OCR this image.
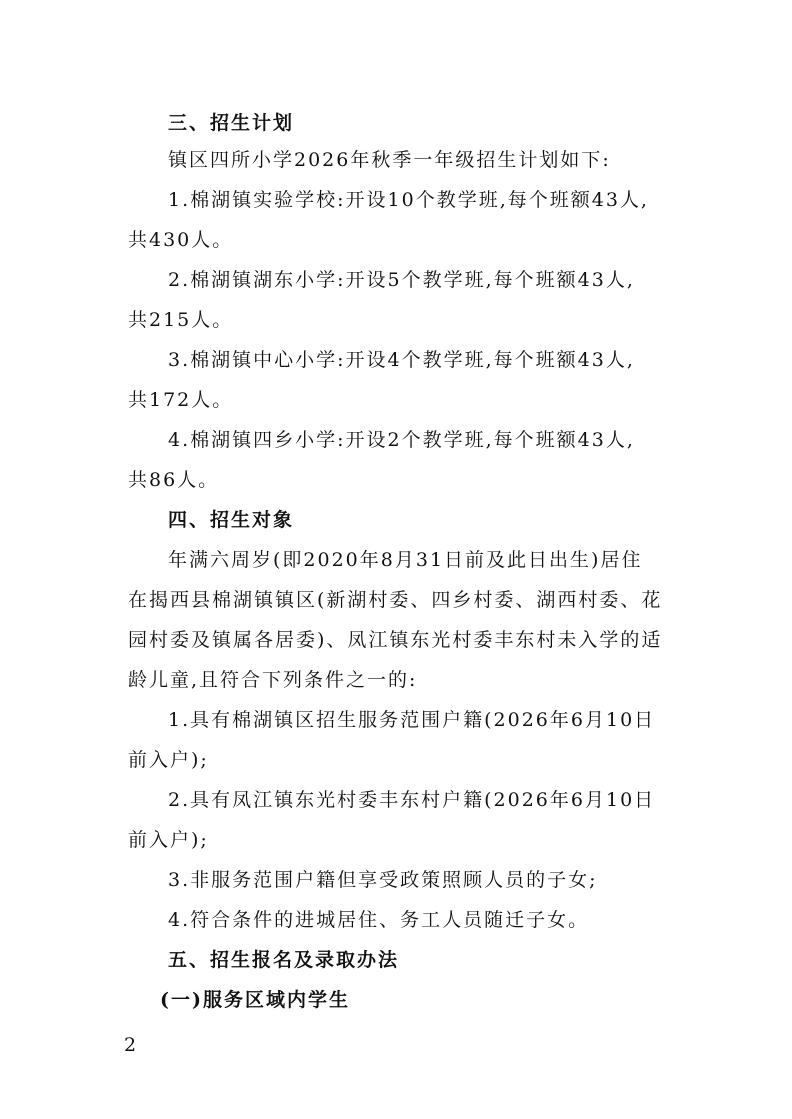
三、招生计划
镇区四所小学2026年秋季一年级招生计划如下:
1.棉湖镇实验学校:开设10个教学班,每个班额43人,
共430人。
2.棉湖镇湖东小学:开设5个教学班,每个班额43人,
共215人。
3.棉湖镇中心小学:开设4个教学班,每个班额43人,
共172人。
4.棉湖镇四乡小学:开设2个教学班,每个班额43人,
共86人。
四、招生对象
年满六周岁(即2020年8月31日前及此日出生)居住
在揭西县棉湖镇镇区(新湖村委、四乡村委、湖西村委、花
园村委及镇属各居委)、凤江镇东光村委丰东村未入学的适
龄儿童,且符合下列条件之一的:
1.具有棉湖镇区招生服务范围户籍(2026年6月10日
前入户);
2.具有凤江镇东光村委丰东村户籍(2026年6月10日
前入户);
3.非服务范围户籍但享受政策照顾人员的子女;
4.符合条件的进城居住、务工人员随迁子女。
五、招生报名及录取办法
(一)服务区域内学生
2
